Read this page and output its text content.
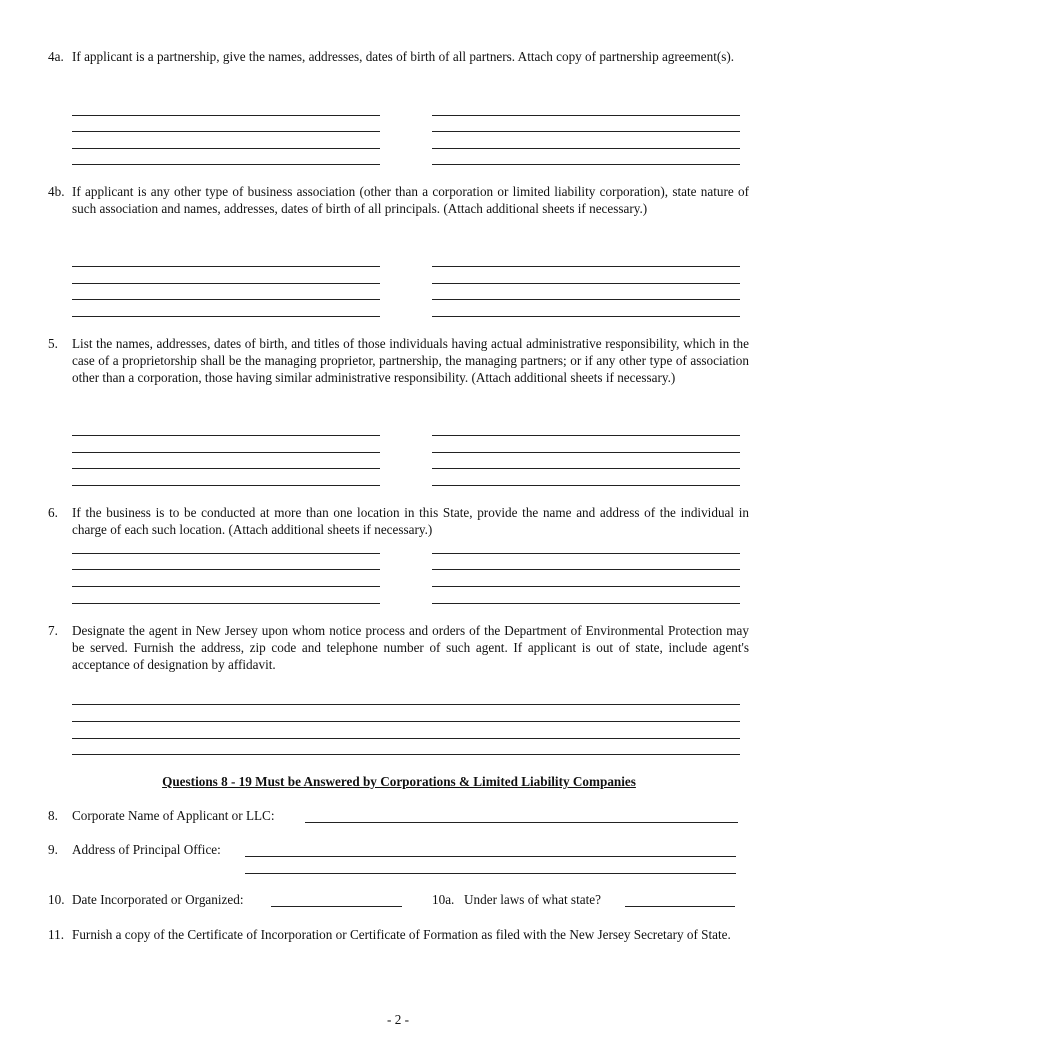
4a. If applicant is a partnership, give the names, addresses, dates of birth of all partners. Attach copy of partnership agreement(s).
4b. If applicant is any other type of business association (other than a corporation or limited liability corporation), state nature of such association and names, addresses, dates of birth of all principals. (Attach additional sheets if necessary.)
5. List the names, addresses, dates of birth, and titles of those individuals having actual administrative responsibility, which in the case of a proprietorship shall be the managing proprietor, partnership, the managing partners; or if any other type of association other than a corporation, those having similar administrative responsibility. (Attach additional sheets if necessary.)
6. If the business is to be conducted at more than one location in this State, provide the name and address of the individual in charge of each such location. (Attach additional sheets if necessary.)
7. Designate the agent in New Jersey upon whom notice process and orders of the Department of Environmental Protection may be served. Furnish the address, zip code and telephone number of such agent. If applicant is out of state, include agent's acceptance of designation by affidavit.
Questions 8 - 19 Must be Answered by Corporations & Limited Liability Companies
8. Corporate Name of Applicant or LLC:
9. Address of Principal Office:
10. Date Incorporated or Organized:	10a. Under laws of what state?
11. Furnish a copy of the Certificate of Incorporation or Certificate of Formation as filed with the New Jersey Secretary of State.
- 2 -
